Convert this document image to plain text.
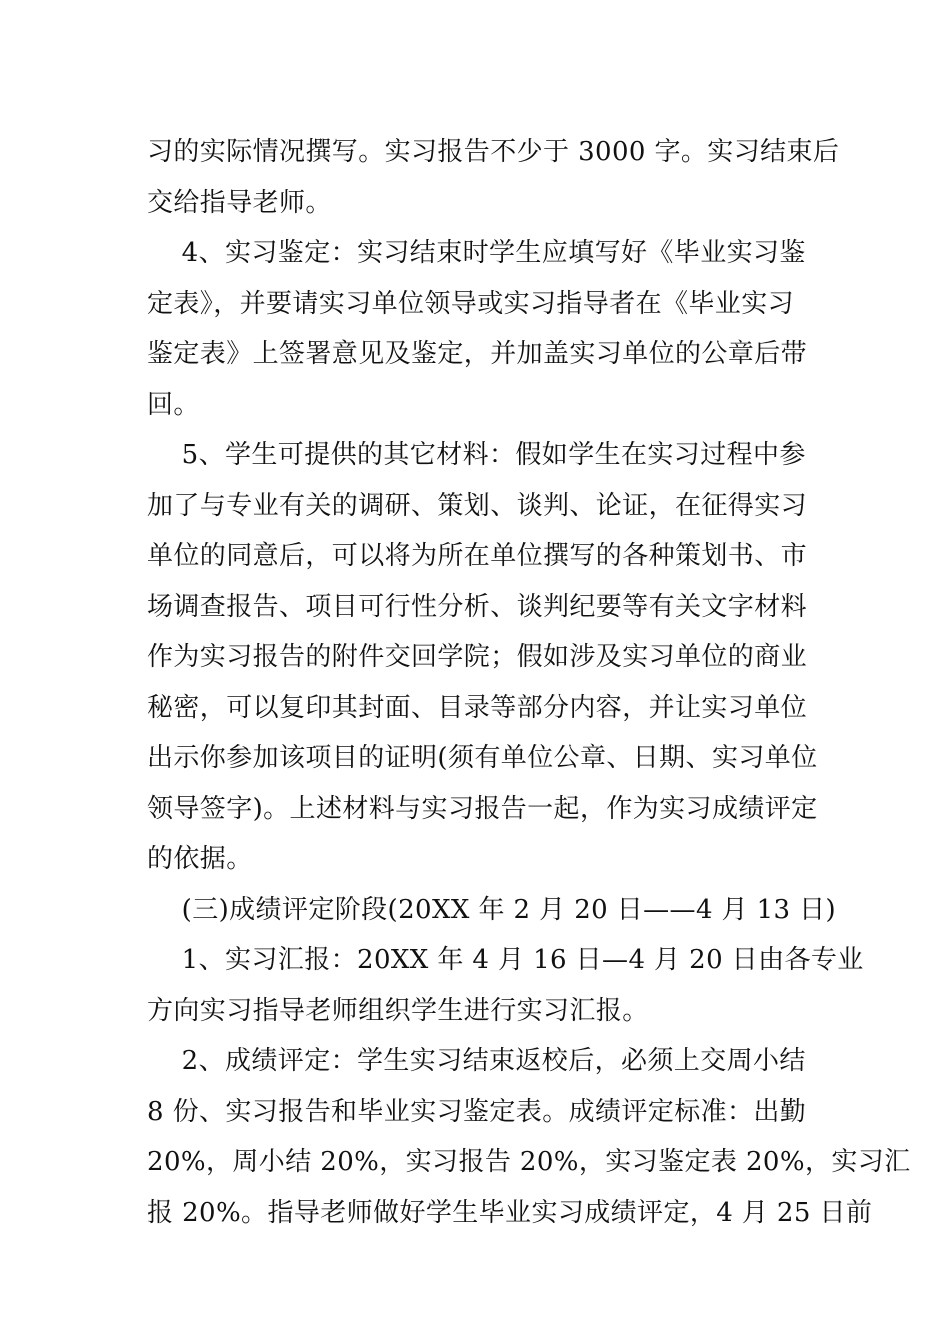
习的实际情况撰写。实习报告不少于 3000 字。实习结束后
交给指导老师。
4、实习鉴定：实习结束时学生应填写好《毕业实习鉴
定表》，并要请实习单位领导或实习指导者在《毕业实习
鉴定表》上签署意见及鉴定，并加盖实习单位的公章后带
回。
5、学生可提供的其它材料：假如学生在实习过程中参
加了与专业有关的调研、策划、谈判、论证，在征得实习
单位的同意后，可以将为所在单位撰写的各种策划书、市
场调查报告、项目可行性分析、谈判纪要等有关文字材料
作为实习报告的附件交回学院；假如涉及实习单位的商业
秘密，可以复印其封面、目录等部分内容，并让实习单位
出示你参加该项目的证明(须有单位公章、日期、实习单位
领导签字)。上述材料与实习报告一起，作为实习成绩评定
的依据。
(三)成绩评定阶段(20XX 年 2 月 20 日——4 月 13 日)
1、实习汇报：20XX 年 4 月 16 日—4 月 20 日由各专业
方向实习指导老师组织学生进行实习汇报。
2、成绩评定：学生实习结束返校后，必须上交周小结
8 份、实习报告和毕业实习鉴定表。成绩评定标准：出勤
20%，周小结 20%，实习报告 20%，实习鉴定表 20%，实习汇
报 20%。指导老师做好学生毕业实习成绩评定，4 月 25 日前
